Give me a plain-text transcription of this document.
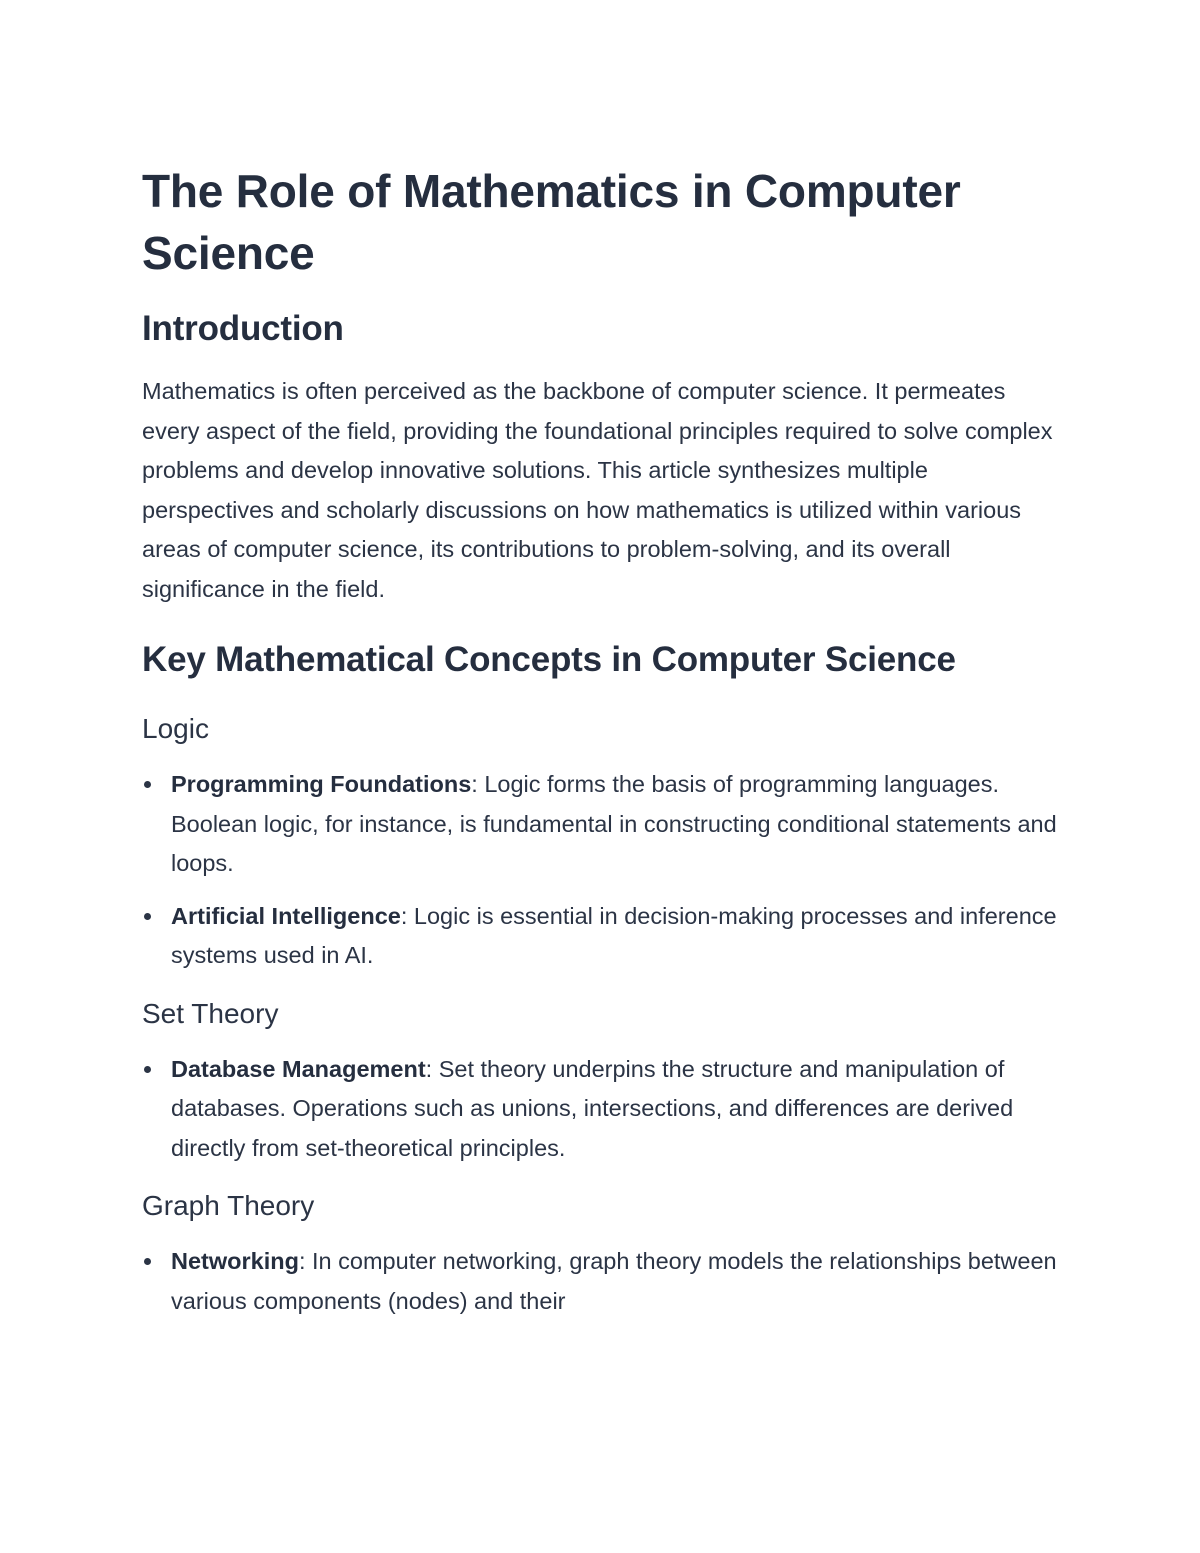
The Role of Mathematics in Computer Science
Introduction

Mathematics is often perceived as the backbone of computer science. It permeates every aspect of the field, providing the foundational principles required to solve complex problems and develop innovative solutions. This article synthesizes multiple perspectives and scholarly discussions on how mathematics is utilized within various areas of computer science, its contributions to problem-solving, and its overall significance in the field.

Key Mathematical Concepts in Computer Science
Logic
Programming Foundations: Logic forms the basis of programming languages. Boolean logic, for instance, is fundamental in constructing conditional statements and loops.
Artificial Intelligence: Logic is essential in decision-making processes and inference systems used in AI.
Set Theory
Database Management: Set theory underpins the structure and manipulation of databases. Operations such as unions, intersections, and differences are derived directly from set-theoretical principles.
Graph Theory
Networking: In computer networking, graph theory models the relationships between various components (nodes) and their
